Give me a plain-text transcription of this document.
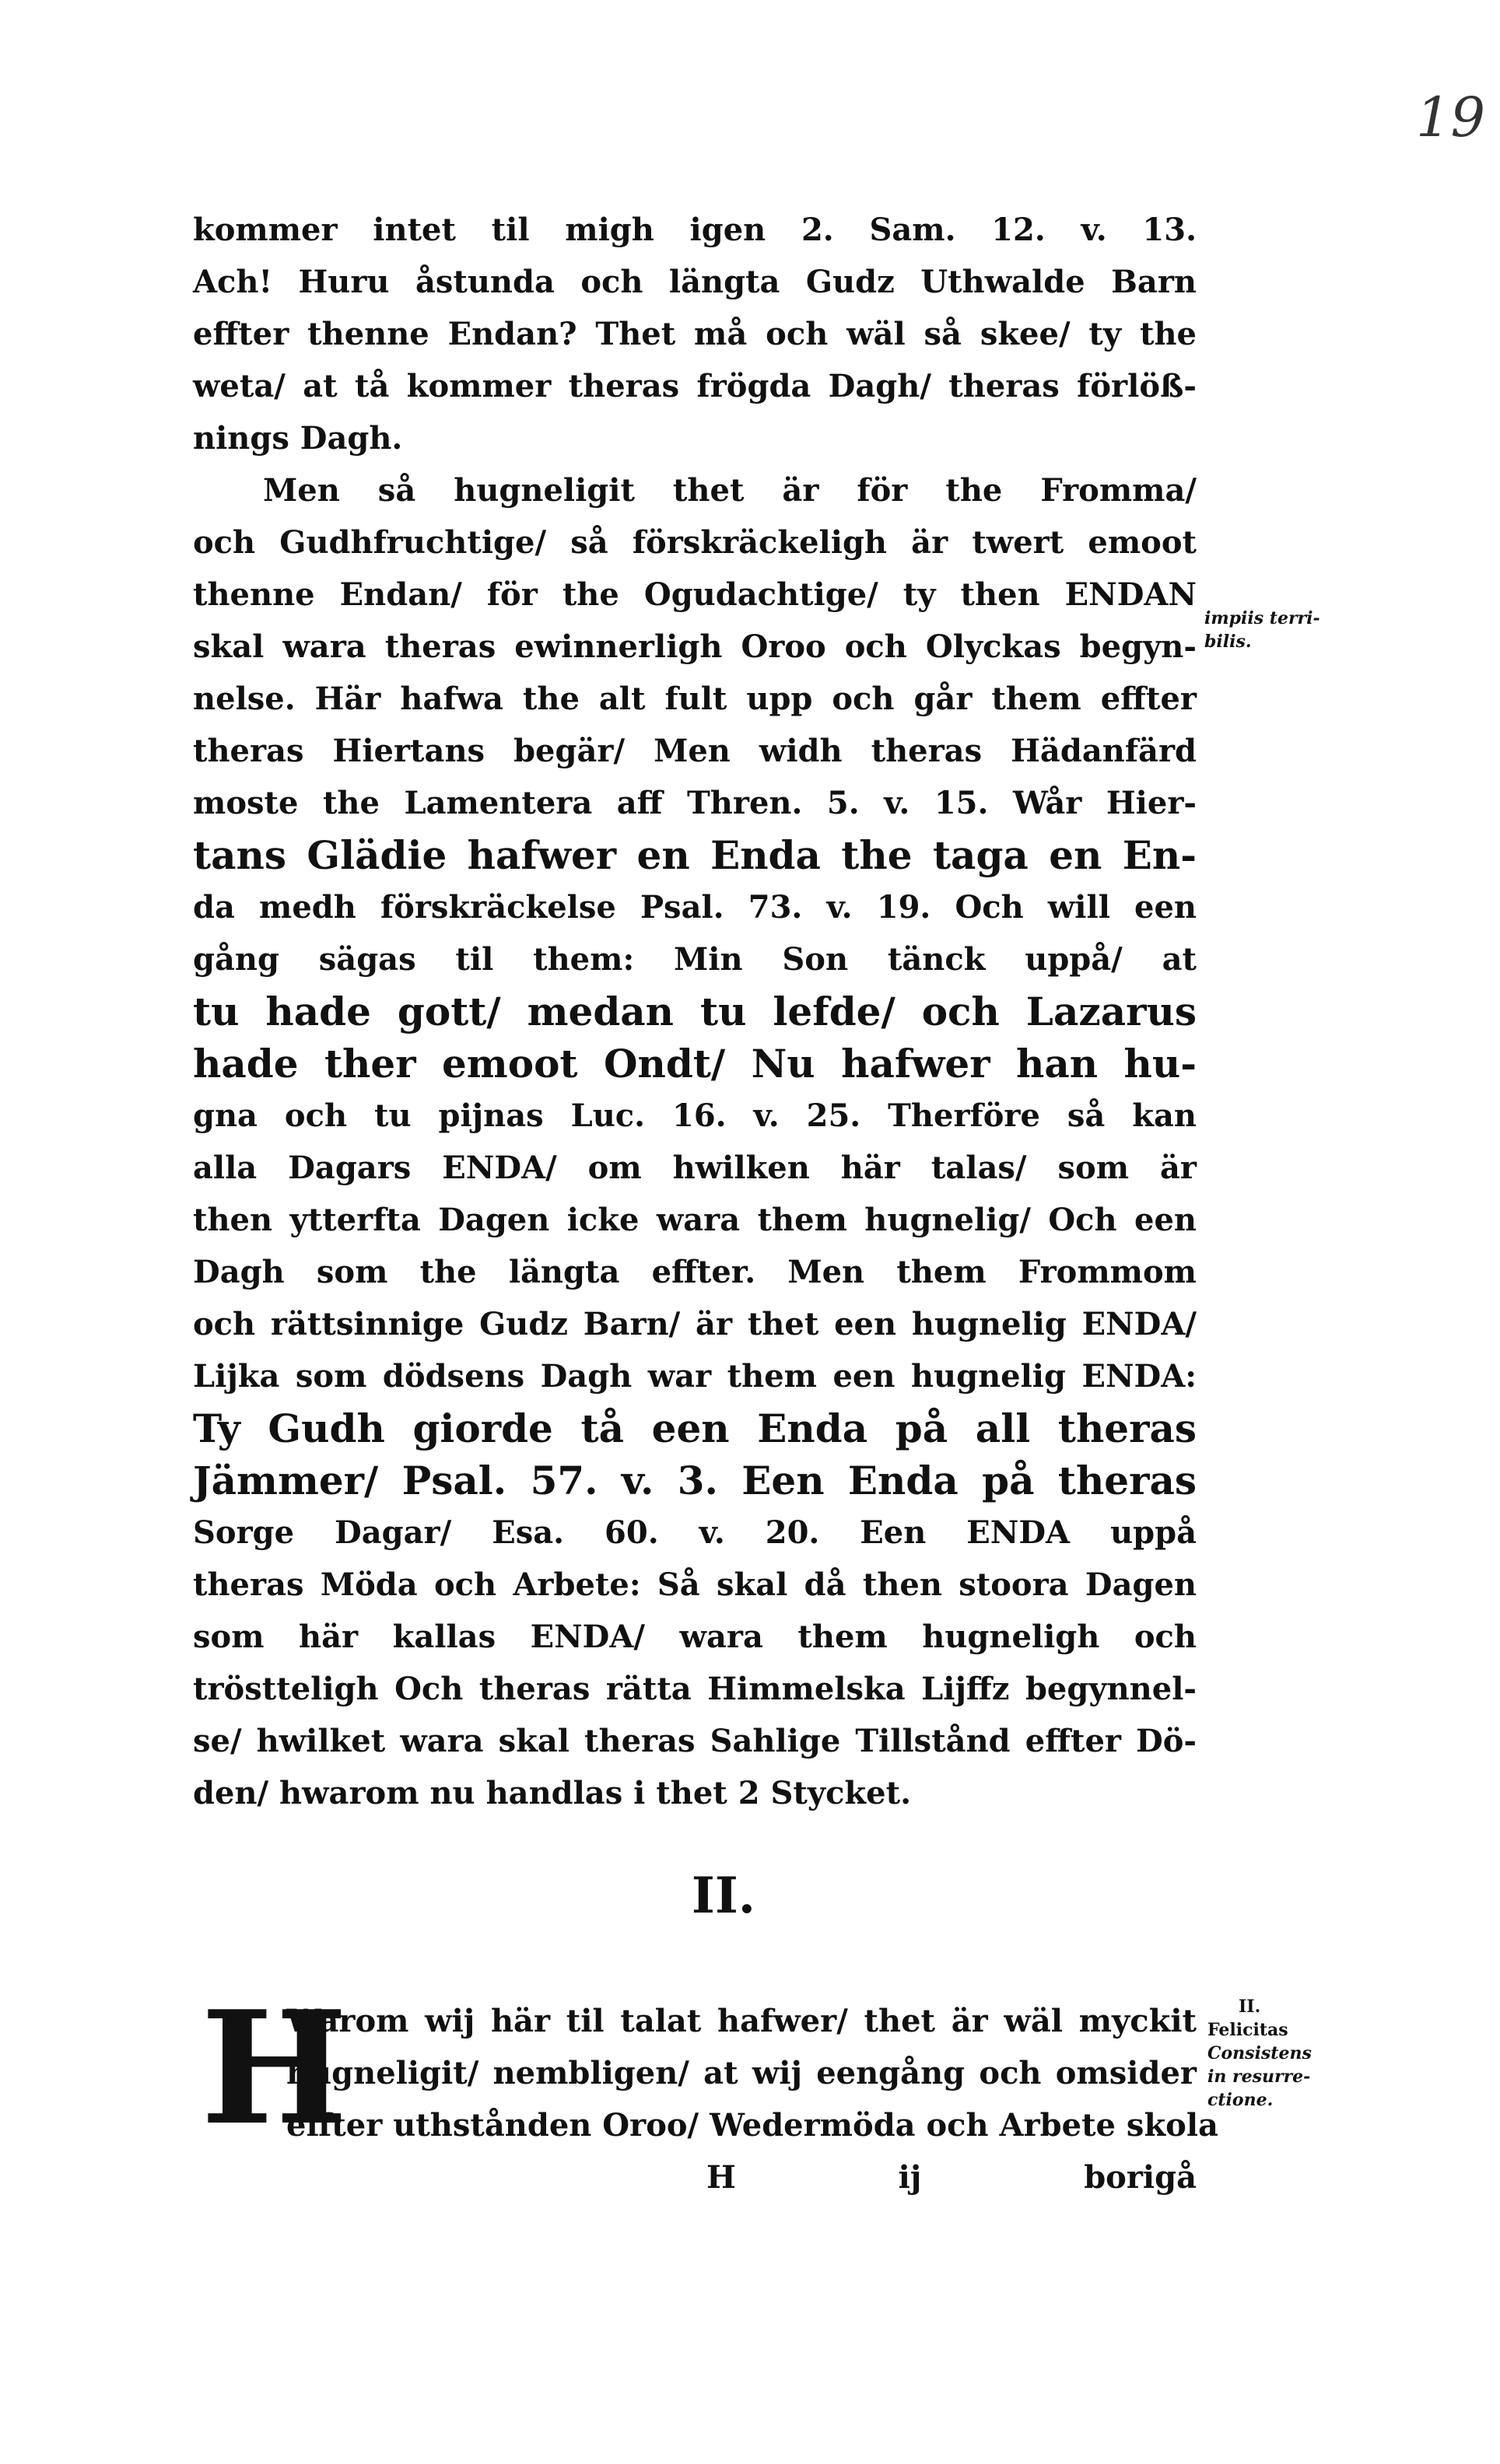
19
kommer intet til migh igen 2. Sam. 12. v. 13.
Ach! Huru åstunda och längta Gudz Uthwalde Barn
effter thenne Endan? Thet må och wäl så skee/ ty the
weta/ at tå kommer theras frögda Dagh/ theras förlöß-
nings Dagh.
Men så hugneligit thet är för the Fromma/
och Gudhfruchtige/ så förskräckeligh är twert emoot
thenne Endan/ för the Ogudachtige/ ty then ENDAN
skal wara theras ewinnerligh Oroo och Olyckas begyn-
nelse. Här hafwa the alt fult upp och går them effter
theras Hiertans begär/ Men widh theras Hädanfärd
moste the Lamentera aff Thren. 5. v. 15. Wår Hier-
tans Glädie hafwer en Enda the taga en En-
da medh förskräckelse Psal. 73. v. 19. Och will een
gång sägas til them: Min Son tänck uppå/ at
tu hade gott/ medan tu lefde/ och Lazarus
hade ther emoot Ondt/ Nu hafwer han hu-
gna och tu pijnas Luc. 16. v. 25. Therföre så kan
alla Dagars ENDA/ om hwilken här talas/ som är
then ytterfta Dagen icke wara them hugnelig/ Och een
Dagh som the längta effter. Men them Frommom
och rättsinnige Gudz Barn/ är thet een hugnelig ENDA/
Lijka som dödsens Dagh war them een hugnelig ENDA:
Ty Gudh giorde tå een Enda på all theras
Jämmer/ Psal. 57. v. 3. Een Enda på theras
Sorge Dagar/ Esa. 60. v. 20. Een ENDA uppå
theras Möda och Arbete: Så skal då then stoora Dagen
som här kallas ENDA/ wara them hugneligh och
tröstteligh Och theras rätta Himmelska Lijffz begynnel-
se/ hwilket wara skal theras Sahlige Tillstånd effter Dö-
den/ hwarom nu handlas i thet 2 Stycket.
II.
H
Warom wij här til talat hafwer/ thet är wäl myckit
hugneligit/ nembligen/ at wij eengång och omsider
effter uthstånden Oroo/ Wedermöda och Arbete skola
H ij borigå
impiis terri-bilis.
II.
Felicitas
Consistens
in resurre-
ctione.
